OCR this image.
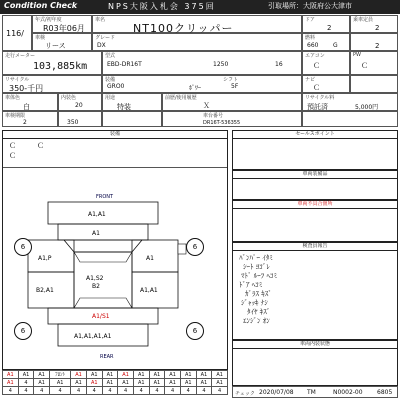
Condition Check	NPS大阪入札会 375回	引取場所：大阪府公大津市
116/
年式/初年度
R03年06月
車名
NT100クリッパー
ドア
2
乗車定員
2
車検
リース
グレード
DX
燃料
660 G	2
走行メーター
103,885km
型式
EBD-DR16T	1250	16
エアコン
Ｃ
PW
Ｃ
リサイクル
350-千円
装備
GRO0	ﾎﾟﾜｰ
シフト
5F
ナビ
Ｃ
車体色
白
内装色
20
用途
特装
前歴/使用履歴
Ｘ
リサイクル料
預託済	5,000円
車検期限
2	350
車台番号
DR16T-536355
装備
Ｃ	Ｃ
Ｃ
FRONT
REAR
A1,A1
A1
A1,P	A1
A1,S2
B2
B2,A1	A1,A1
A1/S1
A1,A1,A1,A1
6	6
6	6
A1	A1	A1	ﾌﾛﾝﾄ	A1	A1	A1	A1	A1	A1	A1	A1	A1	A1
A1	4	A1	A1	A1	A1	A1	A1	A1	A1	A1	A1	A1	A1
4	4	4	4	4	4	4	4	4	4	4	4	4	4
セールスポイント
車両装備品
車両不具合箇所
検査員報告
ﾊﾞﾝﾊﾟｰ ｲﾀﾐ
ｼｰﾄ ﾖｺﾞﾚ
ﾏﾄﾞ ﾙｰﾌ ﾍｺﾐ
ﾄﾞｱ ﾍｺﾐ
ｶﾞﾗｽ ｷｽﾞ
ｼﾞｬｯｷ ﾅｼ
ﾀｲﾔ ｷｽﾞ
ｴﾝｼﾞﾝ ｵﾝ
車両内装状態
チェック 2020/07/08 TM	N0002-00 6805
